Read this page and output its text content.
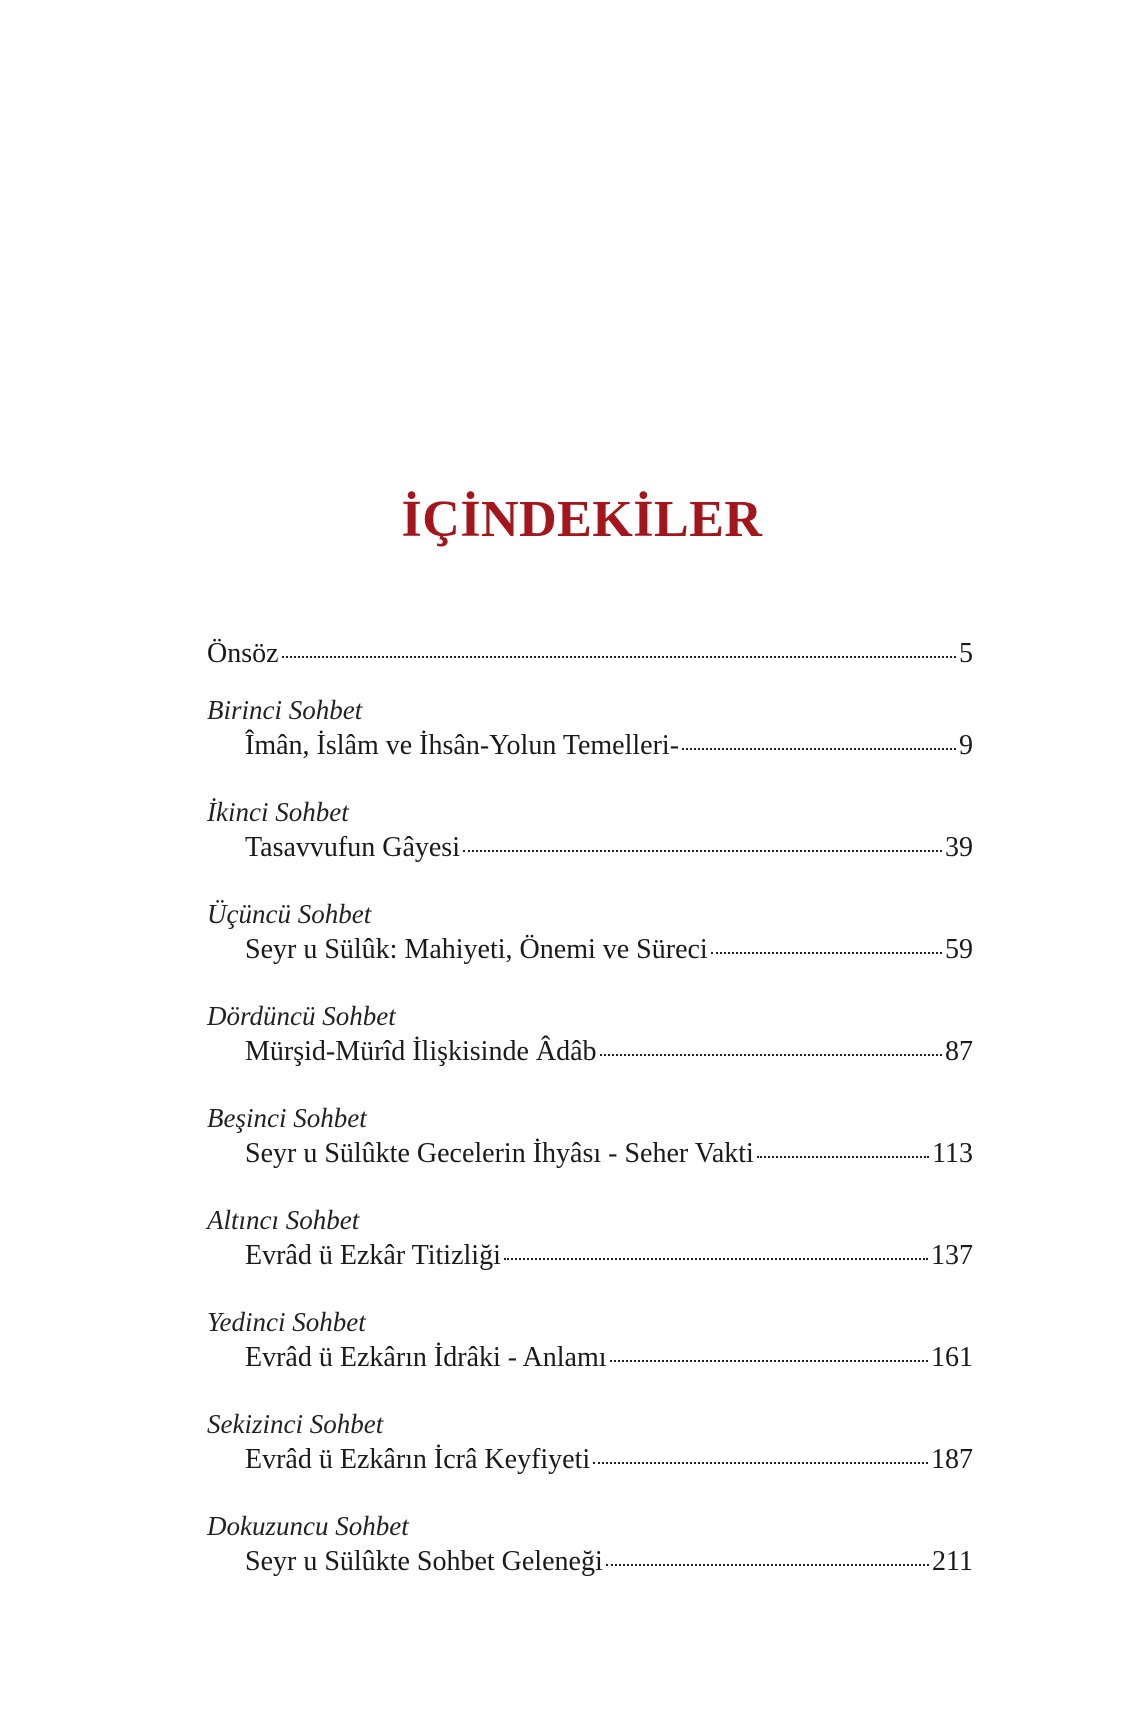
İÇİNDEKİLER
Önsöz	5
Birinci Sohbet
Îmân, İslâm ve İhsân-Yolun Temelleri-	9
İkinci Sohbet
Tasavvufun Gâyesi	39
Üçüncü Sohbet
Seyr u Sülûk: Mahiyeti, Önemi ve Süreci	59
Dördüncü Sohbet
Mürşid-Mürîd İlişkisinde Âdâb	87
Beşinci Sohbet
Seyr u Sülûkte Gecelerin İhyâsı - Seher Vakti	113
Altıncı Sohbet
Evrâd ü Ezkâr Titizliği	137
Yedinci Sohbet
Evrâd ü Ezkârın İdrâki - Anlamı	161
Sekizinci Sohbet
Evrâd ü Ezkârın İcrâ Keyfiyeti	187
Dokuzuncu Sohbet
Seyr u Sülûkte Sohbet Geleneği	211
